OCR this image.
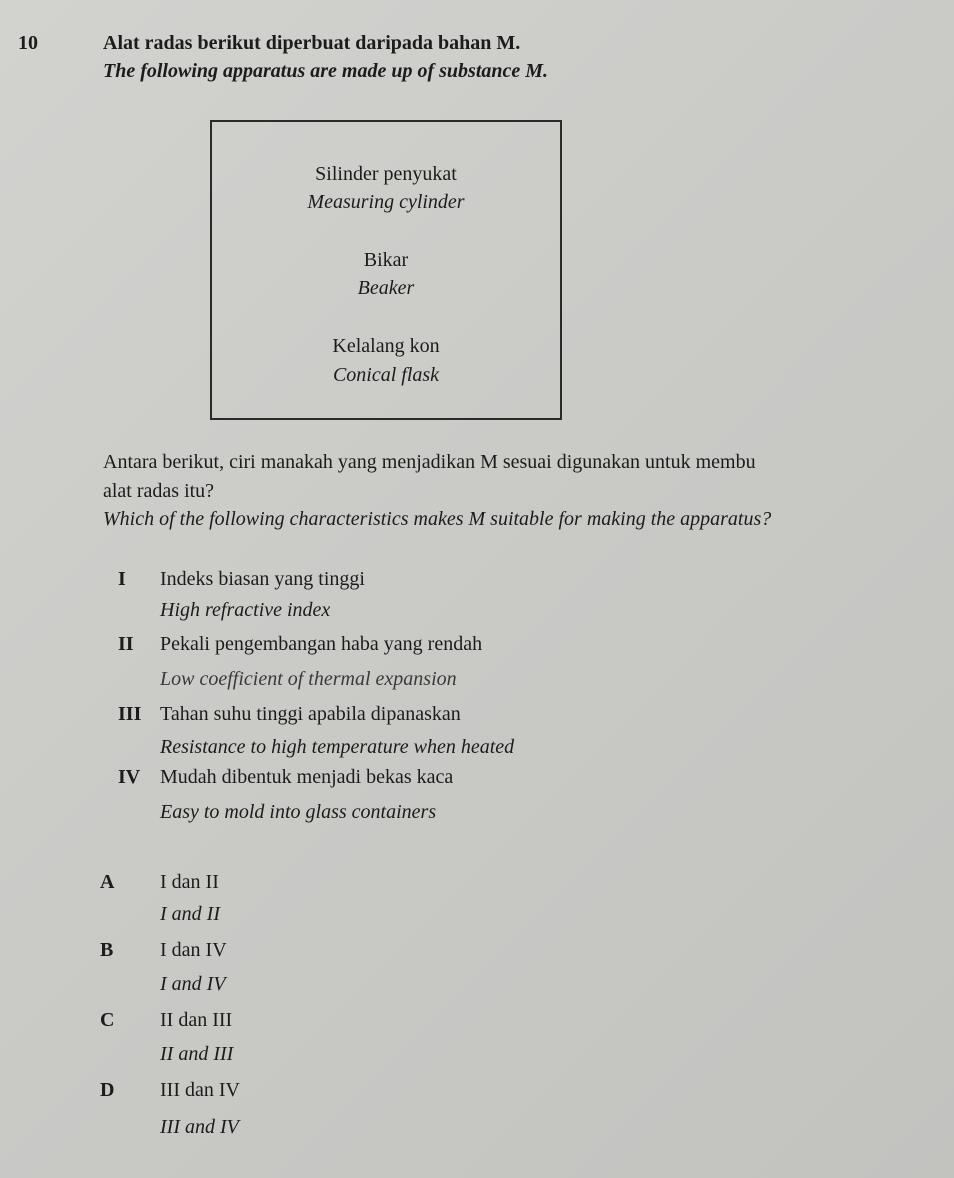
10	Alat radas berikut diperbuat daripada bahan M.
The following apparatus are made up of substance M.
Silinder penyukat
Measuring cylinder
Bikar
Beaker
Kelalang kon
Conical flask
Antara berikut, ciri manakah yang menjadikan M sesuai digunakan untuk membu
alat radas itu?
Which of the following characteristics makes M suitable for making the apparatus?
I Indeks biasan yang tinggi
High refractive index
II Pekali pengembangan haba yang rendah
Low coefficient of thermal expansion
III Tahan suhu tinggi apabila dipanaskan
Resistance to high temperature when heated
IV Mudah dibentuk menjadi bekas kaca
Easy to mold into glass containers
A I dan II
I and II
B I dan IV
I and IV
C II dan III
II and III
D III dan IV
III and IV
